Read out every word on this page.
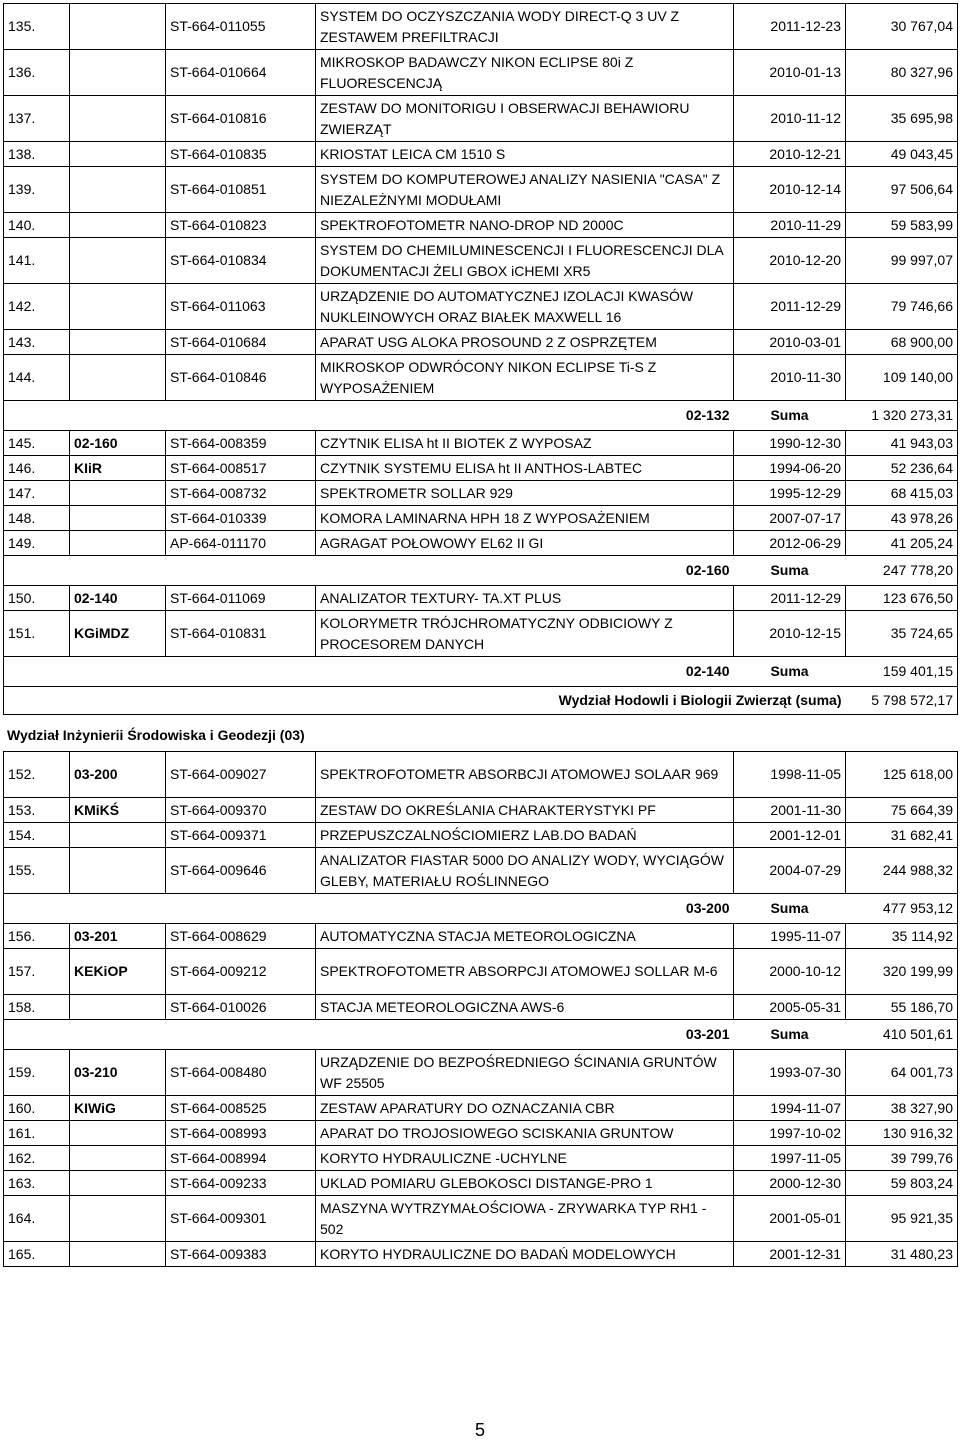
135.		ST-664-011055	SYSTEM DO OCZYSZCZANIA WODY DIRECT-Q 3 UV Z ZESTAWEM PREFILTRACJI	2011-12-23	30 767,04
136.		ST-664-010664	MIKROSKOP BADAWCZY NIKON ECLIPSE 80i Z FLUORESCENCJĄ	2010-01-13	80 327,96
137.		ST-664-010816	ZESTAW DO MONITORIGU I OBSERWACJI BEHAWIORU ZWIERZĄT	2010-11-12	35 695,98
138.		ST-664-010835	KRIOSTAT LEICA CM 1510 S	2010-12-21	49 043,45
139.		ST-664-010851	SYSTEM DO KOMPUTEROWEJ ANALIZY NASIENIA "CASA" Z NIEZALEŻNYMI MODUŁAMI	2010-12-14	97 506,64
140.		ST-664-010823	SPEKTROFOTOMETR NANO-DROP ND 2000C	2010-11-29	59 583,99
141.		ST-664-010834	SYSTEM DO CHEMILUMINESCENCJI I FLUORESCENCJI DLA DOKUMENTACJI ŻELI GBOX iCHEMI XR5	2010-12-20	99 997,07
142.		ST-664-011063	URZĄDZENIE DO AUTOMATYCZNEJ IZOLACJI KWASÓW NUKLEINOWYCH ORAZ BIAŁEK MAXWELL 16	2011-12-29	79 746,66
143.		ST-664-010684	APARAT USG ALOKA PROSOUND 2 Z OSPRZĘTEM	2010-03-01	68 900,00
144.		ST-664-010846	MIKROSKOP ODWRÓCONY NIKON ECLIPSE Ti-S Z WYPOSAŻENIEM	2010-11-30	109 140,00

02-132				Suma	1 320 273,31
145.	02-160	ST-664-008359	CZYTNIK ELISA ht II BIOTEK Z WYPOSAZ	1990-12-30	41 943,03
146.	KIiR	ST-664-008517	CZYTNIK SYSTEMU ELISA ht II ANTHOS-LABTEC	1994-06-20	52 236,64
147.		ST-664-008732	SPEKTROMETR SOLLAR 929	1995-12-29	68 415,03
148.		ST-664-010339	KOMORA LAMINARNA HPH 18 Z WYPOSAŻENIEM	2007-07-17	43 978,26
149.		AP-664-011170	AGRAGAT POŁOWOWY EL62 II GI	2012-06-29	41 205,24

02-160				Suma	247 778,20
150.	02-140	ST-664-011069	ANALIZATOR TEXTURY- TA.XT PLUS	2011-12-29	123 676,50
151.	KGiMDZ	ST-664-010831	KOLORYMETR TRÓJCHROMATYCZNY ODBICIOWY Z PROCESOREM DANYCH	2010-12-15	35 724,65

02-140				Suma	159 401,15
Wydział Hodowli i Biologii Zwierząt (suma)					5 798 572,17
Wydział Inżynierii Środowiska i Geodezji (03)
152.	03-200	ST-664-009027	SPEKTROFOTOMETR ABSORBCJI ATOMOWEJ SOLAAR 969	1998-11-05	125 618,00
153.	KMiKŚ	ST-664-009370	ZESTAW DO OKREŚLANIA CHARAKTERYSTYKI PF	2001-11-30	75 664,39
154.		ST-664-009371	PRZEPUSZCZALNOŚCIOMIERZ LAB.DO BADAŃ	2001-12-01	31 682,41
155.		ST-664-009646	ANALIZATOR FIASTAR 5000 DO ANALIZY WODY, WYCIĄGÓW GLEBY, MATERIAŁU ROŚLINNEGO	2004-07-29	244 988,32

03-200				Suma	477 953,12
156.	03-201	ST-664-008629	AUTOMATYCZNA STACJA METEOROLOGICZNA	1995-11-07	35 114,92
157.	KEKiOP	ST-664-009212	SPEKTROFOTOMETR ABSORPCJI ATOMOWEJ SOLLAR M-6	2000-10-12	320 199,99
158.		ST-664-010026	STACJA METEOROLOGICZNA AWS-6	2005-05-31	55 186,70

03-201				Suma	410 501,61
159.	03-210	ST-664-008480	URZĄDZENIE DO BEZPOŚREDNIEGO ŚCINANIA GRUNTÓW WF 25505	1993-07-30	64 001,73
160.	KIWiG	ST-664-008525	ZESTAW APARATURY DO OZNACZANIA CBR	1994-11-07	38 327,90
161.		ST-664-008993	APARAT DO TROJOSIOWEGO SCISKANIA GRUNTOW	1997-10-02	130 916,32
162.		ST-664-008994	KORYTO HYDRAULICZNE -UCHYLNE	1997-11-05	39 799,76
163.		ST-664-009233	UKLAD POMIARU GLEBOKOSCI DISTANGE-PRO 1	2000-12-30	59 803,24
164.		ST-664-009301	MASZYNA WYTRZYMAŁOŚCIOWA - ZRYWARKA TYP RH1 - 502	2001-05-01	95 921,35
165.		ST-664-009383	KORYTO HYDRAULICZNE DO BADAŃ MODELOWYCH	2001-12-31	31 480,23
5
